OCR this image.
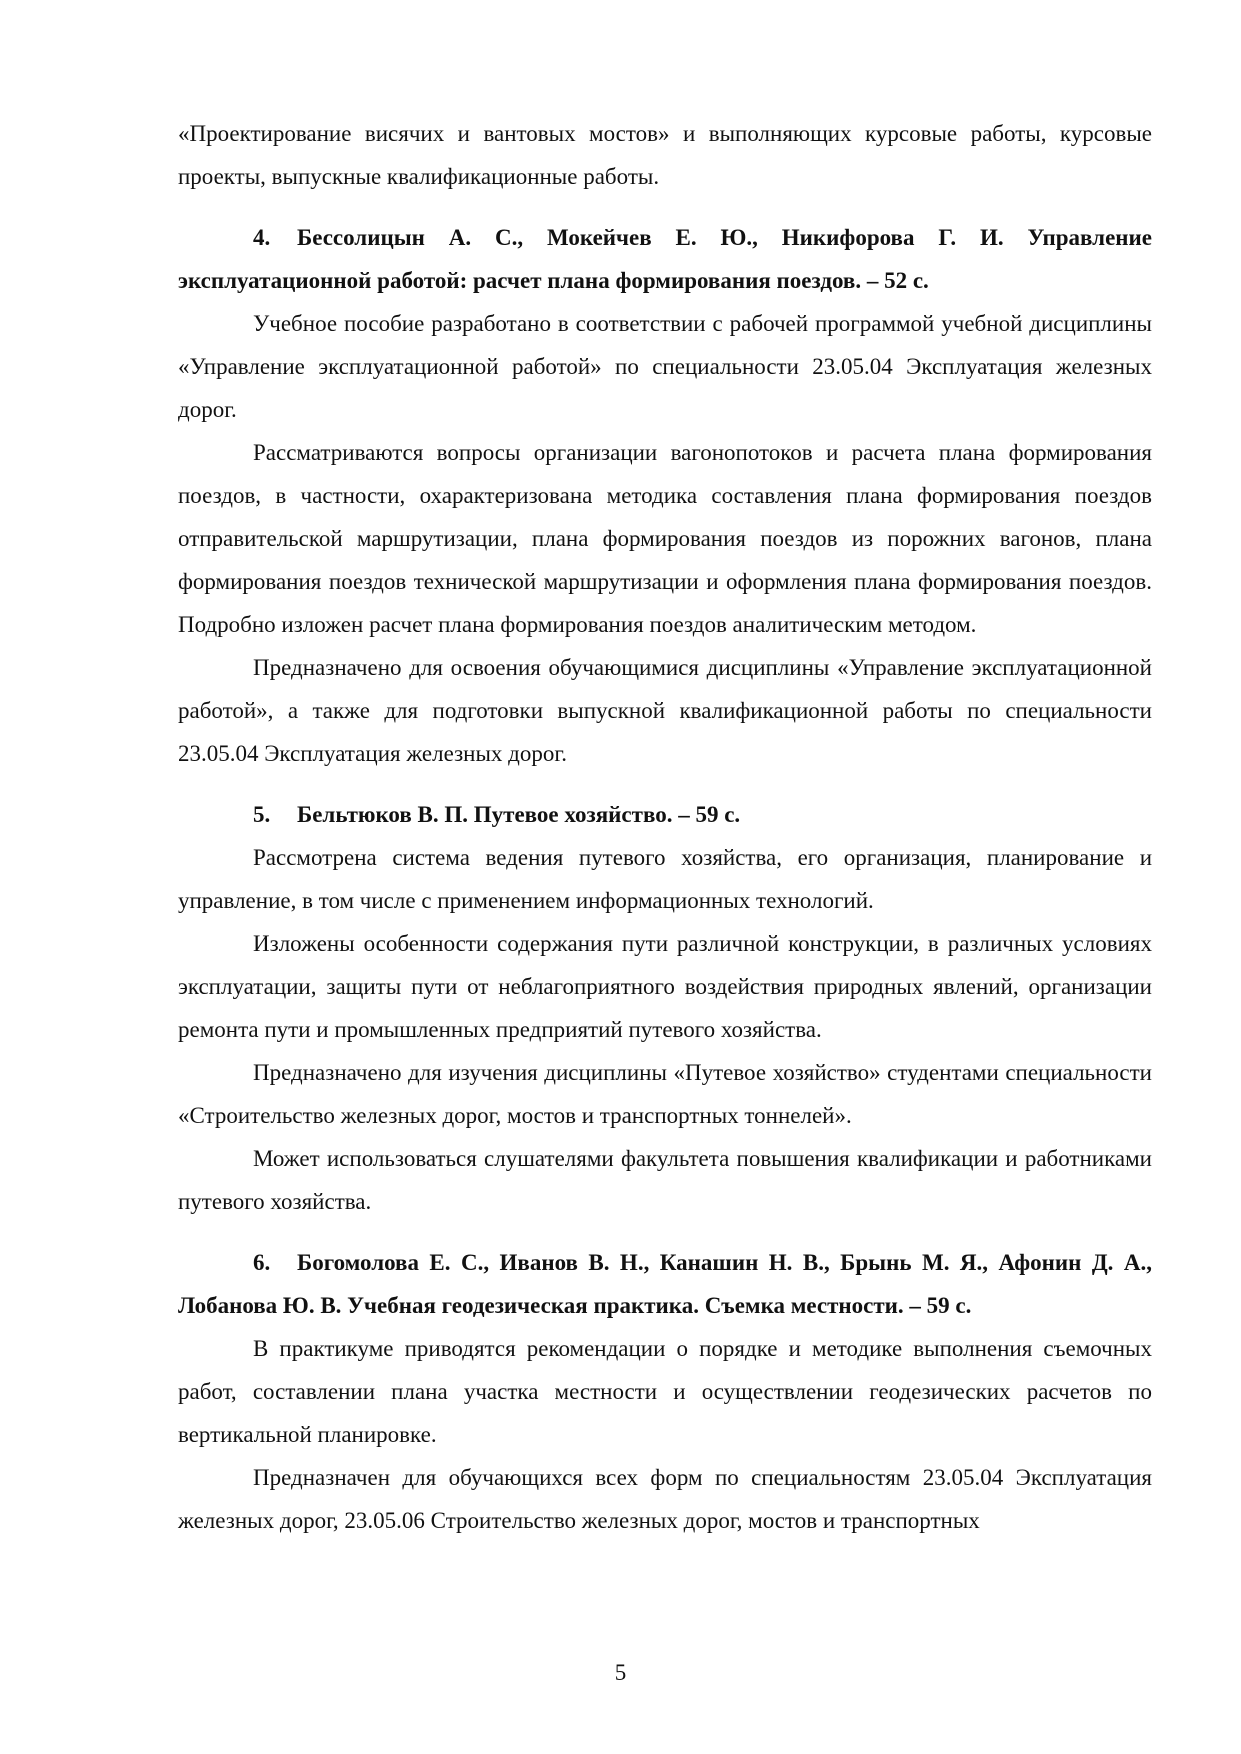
«Проектирование висячих и вантовых мостов» и выполняющих курсовые работы, курсовые проекты, выпускные квалификационные работы.

4. Бессолицын А. С., Мокейчев Е. Ю., Никифорова Г. И. Управление эксплуатационной работой: расчет плана формирования поездов. – 52 с.

Учебное пособие разработано в соответствии с рабочей программой учебной дисциплины «Управление эксплуатационной работой» по специальности 23.05.04 Эксплуатация железных дорог.

Рассматриваются вопросы организации вагонопотоков и расчета плана формирования поездов, в частности, охарактеризована методика составления плана формирования поездов отправительской маршрутизации, плана формирования поездов из порожних вагонов, плана формирования поездов технической маршрутизации и оформления плана формирования поездов. Подробно изложен расчет плана формирования поездов аналитическим методом.

Предназначено для освоения обучающимися дисциплины «Управление эксплуатационной работой», а также для подготовки выпускной квалификационной работы по специальности 23.05.04 Эксплуатация железных дорог.

5. Бельтюков В. П. Путевое хозяйство. – 59 с.

Рассмотрена система ведения путевого хозяйства, его организация, планирование и управление, в том числе с применением информационных технологий.

Изложены особенности содержания пути различной конструкции, в различных условиях эксплуатации, защиты пути от неблагоприятного воздействия природных явлений, организации ремонта пути и промышленных предприятий путевого хозяйства.

Предназначено для изучения дисциплины «Путевое хозяйство» студентами специальности «Строительство железных дорог, мостов и транспортных тоннелей».

Может использоваться слушателями факультета повышения квалификации и работниками путевого хозяйства.

6. Богомолова Е. С., Иванов В. Н., Канашин Н. В., Брынь М. Я., Афонин Д. А., Лобанова Ю. В. Учебная геодезическая практика. Съемка местности. – 59 с.

В практикуме приводятся рекомендации о порядке и методике выполнения съемочных работ, составлении плана участка местности и осуществлении геодезических расчетов по вертикальной планировке.

Предназначен для обучающихся всех форм по специальностям 23.05.04 Эксплуатация железных дорог, 23.05.06 Строительство железных дорог, мостов и транспортных

5
